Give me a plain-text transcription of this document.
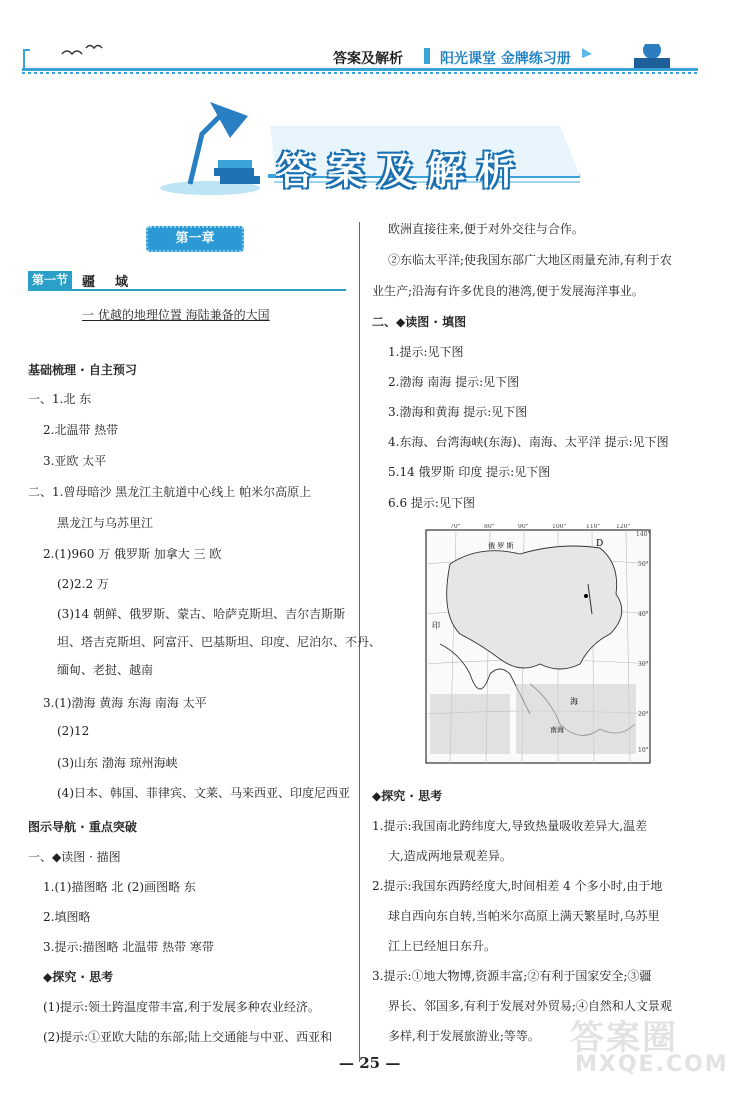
答案及解析	阳光课堂 金牌练习册
答案及解析
第一章
第一节	疆域
一 优越的地理位置 海陆兼备的大国
基础梳理 · 自主预习
一、1.北 东
2.北温带 热带
3.亚欧 太平
二、1.曾母暗沙 黑龙江主航道中心线上 帕米尔高原上
黑龙江与乌苏里江
2.(1)960 万 俄罗斯 加拿大 三 欧
(2)2.2 万
(3)14 朝鲜、俄罗斯、蒙古、哈萨克斯坦、吉尔吉斯斯
坦、塔吉克斯坦、阿富汗、巴基斯坦、印度、尼泊尔、不丹、
缅甸、老挝、越南
3.(1)渤海 黄海 东海 南海 太平
(2)12
(3)山东 渤海 琼州海峡
(4)日本、韩国、菲律宾、文莱、马来西亚、印度尼西亚
图示导航 · 重点突破
一、◆读图 · 描图
1.(1)描图略 北 (2)画图略 东
2.填图略
3.提示:描图略 北温带 热带 寒带
◆探究 · 思考
(1)提示:领土跨温度带丰富,利于发展多种农业经济。
(2)提示:①亚欧大陆的东部;陆上交通能与中亚、西亚和
欧洲直接往来,便于对外交往与合作。
②东临太平洋;使我国东部广大地区雨量充沛,有利于农
业生产;沿海有许多优良的港湾,便于发展海洋事业。
二、◆读图 · 填图
1.提示:见下图
2.渤海 南海 提示:见下图
3.渤海和黄海 提示:见下图
4.东海、台湾海峡(东海)、南海、太平洋 提示:见下图
5.14 俄罗斯 印度 提示:见下图
6.6 提示:见下图
俄 罗 斯	D
印
海
南海
70°	80°	90°	100°	110°	120°
140°
50°
40°
30°
20°
10°
◆探究 · 思考
1.提示:我国南北跨纬度大,导致热量吸收差异大,温差
大,造成两地景观差异。
2.提示:我国东西跨经度大,时间相差 4 个多小时,由于地
球自西向东自转,当帕米尔高原上满天繁星时,乌苏里
江上已经旭日东升。
3.提示:①地大物博,资源丰富;②有利于国家安全;③疆
界长、邻国多,有利于发展对外贸易;④自然和人文景观
多样,利于发展旅游业;等等。
— 25 —
答案圈
MXQE.COM
